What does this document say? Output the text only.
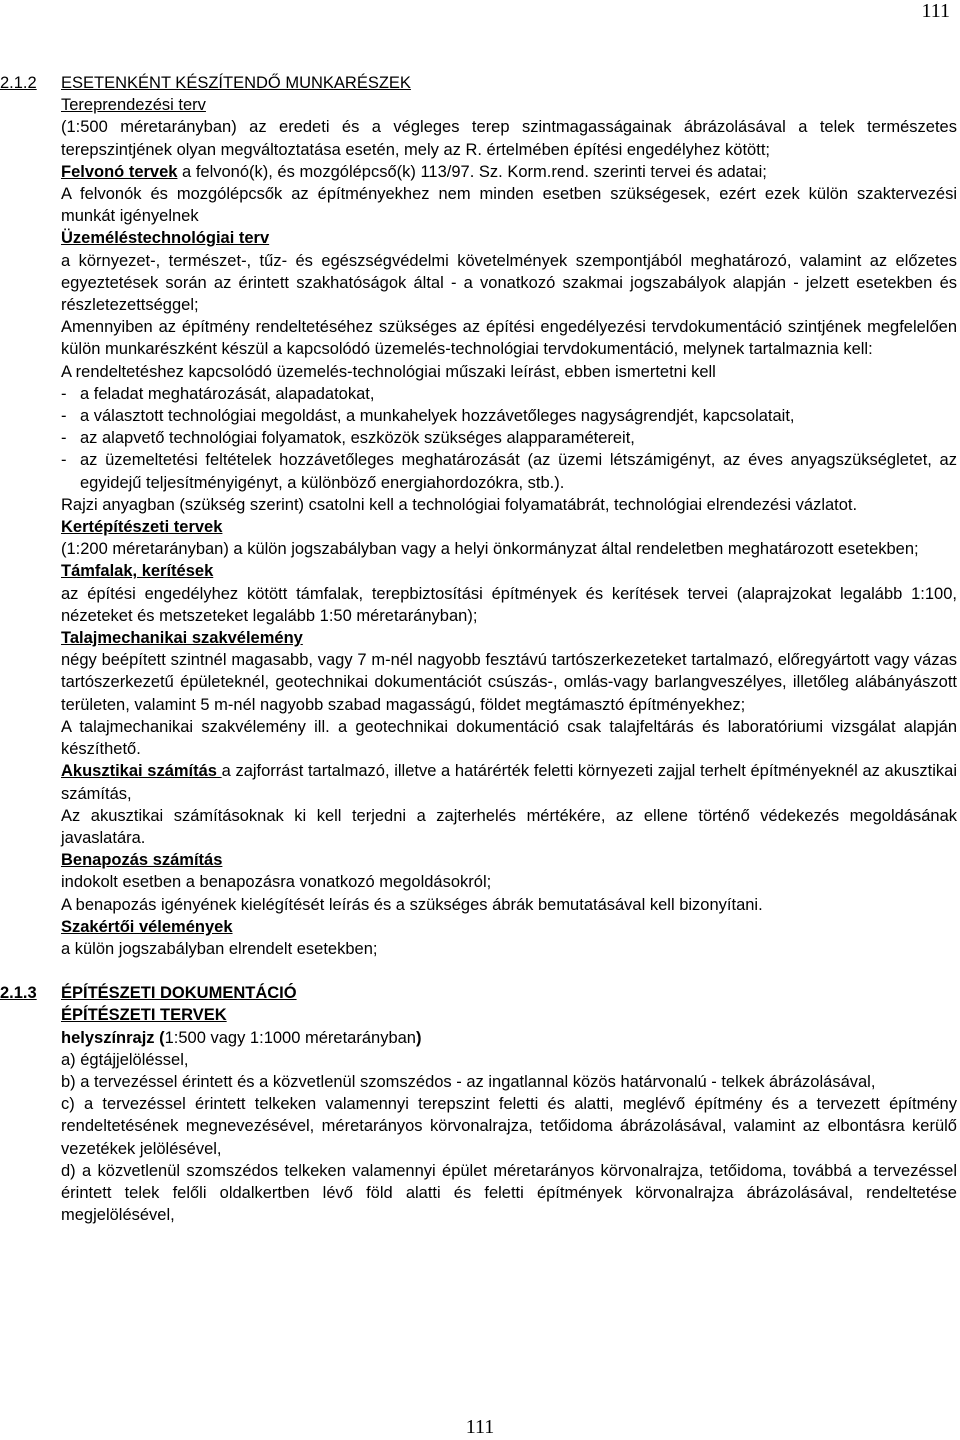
111

2.1.2 ESETENKÉNT KÉSZÍTENDŐ MUNKARÉSZEK

Tereprendezési terv

(1:500 méretarányban) az eredeti és a végleges terep szintmagasságainak ábrázolásával a telek természetes terepszintjének olyan megváltoztatása esetén, mely az R. értelmében építési engedélyhez kötött;

Felvonó tervek a felvonó(k), és mozgólépcső(k) 113/97. Sz. Korm.rend. szerinti tervei és adatai;

A felvonók és mozgólépcsők az építményekhez nem minden esetben szükségesek, ezért ezek külön szaktervezési munkát igényelnek

Üzeméléstechnológiai terv

a környezet-, természet-, tűz- és egészségvédelmi követelmények szempontjából meghatározó, valamint az előzetes egyeztetések során az érintett szakhatóságok által - a vonatkozó szakmai jogszabályok alapján - jelzett esetekben és részletezettséggel;

Amennyiben az építmény rendeltetéséhez szükséges az építési engedélyezési tervdokumentáció szintjének megfelelően külön munkarészként készül a kapcsolódó üzemelés-technológiai tervdokumentáció, melynek tartalmaznia kell:

A rendeltetéshez kapcsolódó üzemelés-technológiai műszaki leírást, ebben ismertetni kell

- a feladat meghatározását, alapadatokat,

- a választott technológiai megoldást, a munkahelyek hozzávetőleges nagyságrendjét, kapcsolatait,

- az alapvető technológiai folyamatok, eszközök szükséges alapparamétereit,

- az üzemeltetési feltételek hozzávetőleges meghatározását (az üzemi létszámigényt, az éves anyagszükségletet, az egyidejű teljesítményigényt, a különböző energiahordozókra, stb.).

Rajzi anyagban (szükség szerint) csatolni kell a technológiai folyamatábrát, technológiai elrendezési vázlatot.

Kertépítészeti tervek

(1:200 méretarányban) a külön jogszabályban vagy a helyi önkormányzat által rendeletben meghatározott esetekben;

Támfalak, kerítések

az építési engedélyhez kötött támfalak, terepbiztosítási építmények és kerítések tervei (alaprajzokat legalább 1:100, nézeteket és metszeteket legalább 1:50 méretarányban);

Talajmechanikai szakvélemény

négy beépített szintnél magasabb, vagy 7 m-nél nagyobb fesztávú tartószerkezeteket tartalmazó, előregyártott vagy vázas tartószerkezetű épületeknél, geotechnikai dokumentációt csúszás-, omlás-vagy barlangveszélyes, illetőleg alábányászott területen, valamint 5 m-nél nagyobb szabad magasságú, földet megtámasztó építményekhez;

A talajmechanikai szakvélemény ill. a geotechnikai dokumentáció csak talajfeltárás és laboratóriumi vizsgálat alapján készíthető.

Akusztikai számítás a zajforrást tartalmazó, illetve a határérték feletti környezeti zajjal terhelt építményeknél az akusztikai számítás,

Az akusztikai számításoknak ki kell terjedni a zajterhelés mértékére, az ellene történő védekezés megoldásának javaslatára.

Benapozás számítás

indokolt esetben a benapozásra vonatkozó megoldásokról;

A benapozás igényének kielégítését leírás és a szükséges ábrák bemutatásával kell bizonyítani.

Szakértői vélemények

a külön jogszabályban elrendelt esetekben;

2.1.3 ÉPÍTÉSZETI DOKUMENTÁCIÓ

ÉPÍTÉSZETI TERVEK

helyszínrajz (1:500 vagy 1:1000 méretarányban)

a) égtájjelöléssel,

b) a tervezéssel érintett és a közvetlenül szomszédos - az ingatlannal közös határvonalú - telkek ábrázolásával,

c) a tervezéssel érintett telkeken valamennyi terepszint feletti és alatti, meglévő építmény és a tervezett építmény rendeltetésének megnevezésével, méretarányos körvonalrajza, tetőidoma ábrázolásával, valamint az elbontásra kerülő vezetékek jelölésével,

d) a közvetlenül szomszédos telkeken valamennyi épület méretarányos körvonalrajza, tetőidoma, továbbá a tervezéssel érintett telek felőli oldalkertben lévő föld alatti és feletti építmények körvonalrajza ábrázolásával, rendeltetése megjelölésével,

111
